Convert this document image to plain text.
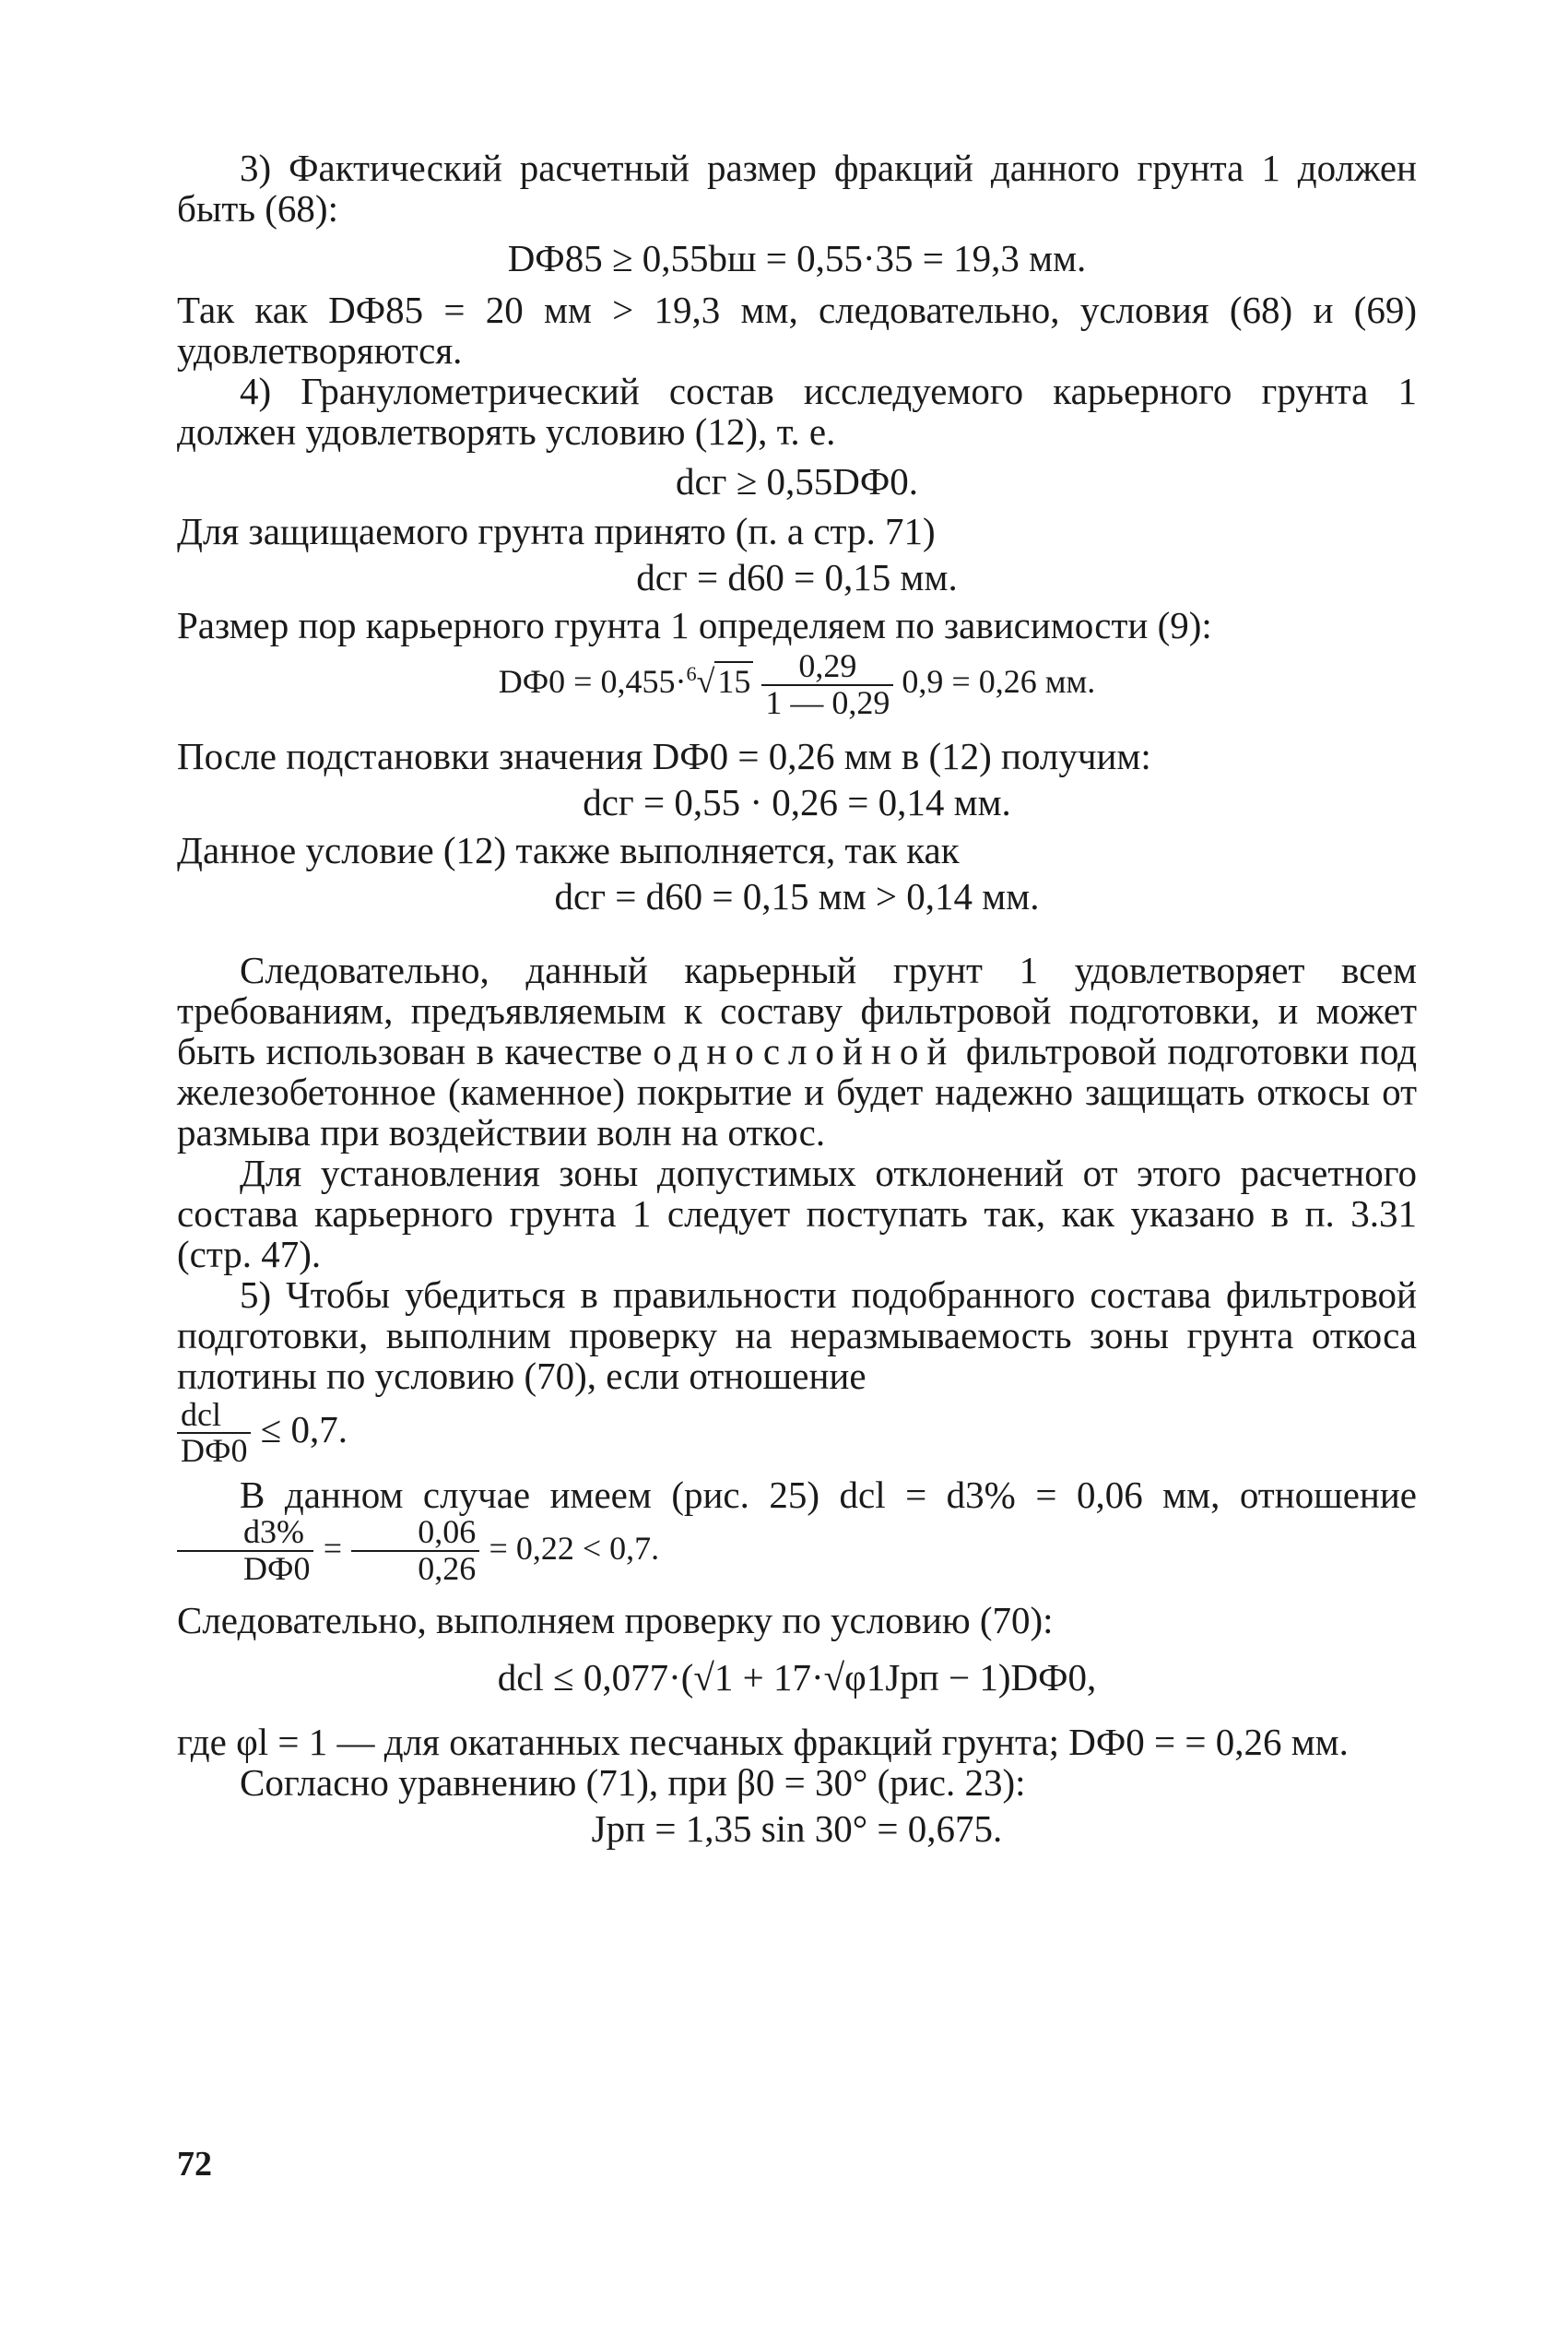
3) Фактический расчетный размер фракций данного грунта 1 должен быть (68):

DФ85 ≥ 0,55bш = 0,55·35 = 19,3 мм.

Так как DФ85 = 20 мм > 19,3 мм, следовательно, условия (68) и (69) удовлетворяются.

4) Гранулометрический состав исследуемого карьерного грунта 1 должен удовлетворять условию (12), т. е.

dсг ≥ 0,55DФ0.

Для защищаемого грунта принято (п. а стр. 71)

dсг = d60 = 0,15 мм.

Размер пор карьерного грунта 1 определяем по зависимости (9):

$DФ0 = 0,455\cdot^6√15 \frac{0,29}{1 — 0,29} 0,9 = 0,26$ мм.

После подстановки значения DФ0 = 0,26 мм в (12) получим:

dсг = 0,55 · 0,26 = 0,14 мм.

Данное условие (12) также выполняется, так как

dсг = d60 = 0,15 мм > 0,14 мм.

Следовательно, данный карьерный грунт 1 удовлетворяет всем требованиям, предъявляемым к составу фильтровой подготовки, и может быть использован в качестве однослойной фильтровой подготовки под железобетонное (каменное) покрытие и будет надежно защищать откосы от размыва при воздействии волн на откос.

Для установления зоны допустимых отклонений от этого расчетного состава карьерного грунта 1 следует поступать так, как указано в п. 3.31 (стр. 47).

5) Чтобы убедиться в правильности подобранного состава фильтровой подготовки, выполним проверку на неразмываемость зоны грунта откоса плотины по условию (70), если отношение

$\frac{\text{dcl}}{DФ0} \le 0,7$.

В данном случае имеем (рис. 25) dсl = d3% = 0,06 мм, отношение
$\frac{d3\%}{DФ0} = \frac{0,06}{0,26} = 0,22 < 0,7$.

Следовательно, выполняем проверку по условию (70):

dсl ≤ 0,077·(√1 + 17·√φ1Jрп − 1)DФ0,

где φl = 1 — для окатанных песчаных фракций грунта; DФ0 = = 0,26 мм.

Согласно уравнению (71), при β0 = 30° (рис. 23):

Jрп = 1,35 sin 30° = 0,675.

72
